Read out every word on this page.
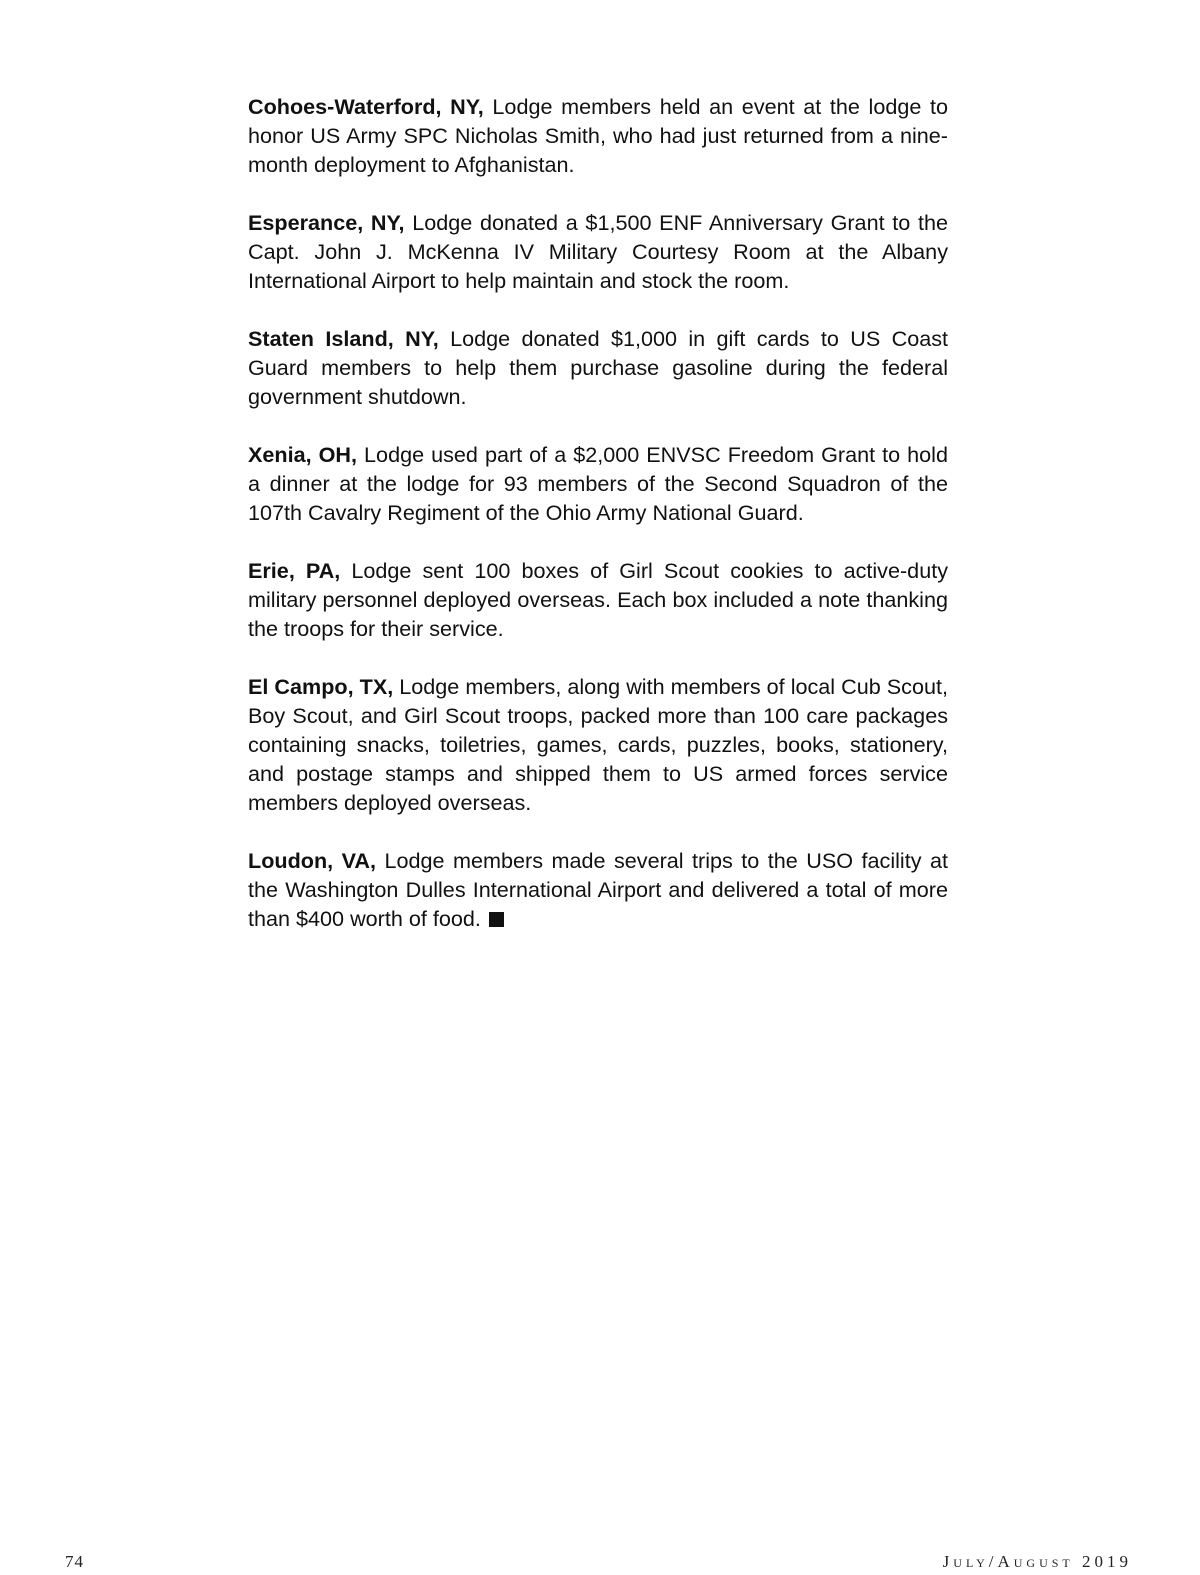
Cohoes-Waterford, NY, Lodge members held an event at the lodge to honor US Army SPC Nicholas Smith, who had just returned from a nine-month deployment to Afghanistan.

Esperance, NY, Lodge donated a $1,500 ENF Anniversary Grant to the Capt. John J. McKenna IV Military Courtesy Room at the Albany International Airport to help maintain and stock the room.

Staten Island, NY, Lodge donated $1,000 in gift cards to US Coast Guard members to help them purchase gasoline during the federal government shutdown.

Xenia, OH, Lodge used part of a $2,000 ENVSC Freedom Grant to hold a dinner at the lodge for 93 members of the Second Squadron of the 107th Cavalry Regiment of the Ohio Army National Guard.

Erie, PA, Lodge sent 100 boxes of Girl Scout cookies to active-duty military personnel deployed overseas. Each box included a note thanking the troops for their service.

El Campo, TX, Lodge members, along with members of local Cub Scout, Boy Scout, and Girl Scout troops, packed more than 100 care packages containing snacks, toiletries, games, cards, puzzles, books, stationery, and postage stamps and shipped them to US armed forces service members deployed overseas.

Loudon, VA, Lodge members made several trips to the USO facility at the Washington Dulles International Airport and delivered a total of more than $400 worth of food.

74	July/August 2019
